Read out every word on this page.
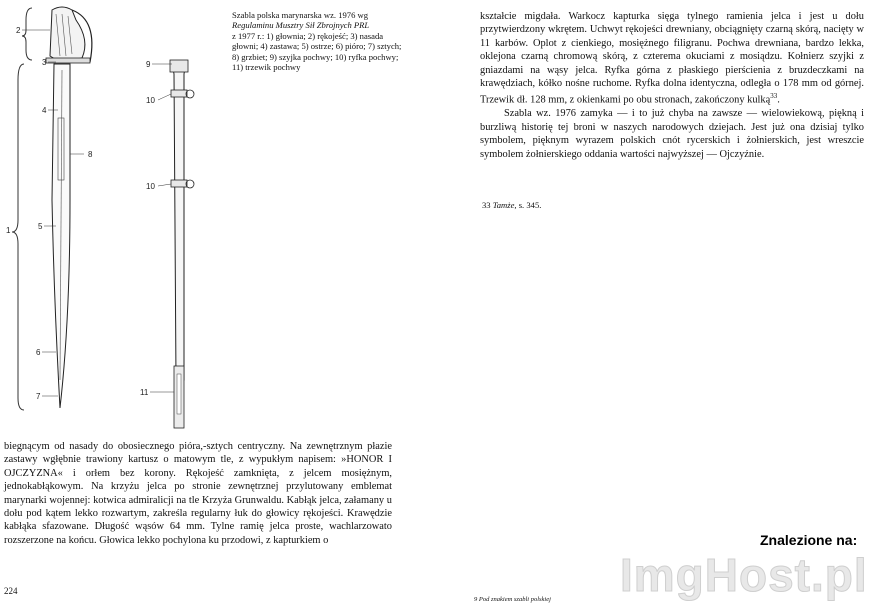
2
3
4
1	5
8
6
7
9
10
10
11
Szabla polska marynarska wz. 1976 wg
Regulaminu Musztry Sił Zbrojnych PRL
z 1977 r.: 1) głownia; 2) rękojeść; 3) nasada głowni; 4) zastawa; 5) ostrze; 6) pióro; 7) sztych; 8) grzbiet; 9) szyjka pochwy; 10) ryfka pochwy; 11) trzewik pochwy
biegnącym od nasady do obosiecznego pióra,-sztych centryczny. Na zewnętrznym płazie zastawy wgłębnie trawiony kartusz o matowym tle, z wypukłym napisem: »HONOR I OJCZYZNA« i orłem bez korony. Rękojeść zamknięta, z jelcem mosiężnym, jednokabłąkowym. Na krzyżu jelca po stronie zewnętrznej przylutowany emblemat marynarki wojennej: kotwica admiralicji na tle Krzyża Grunwaldu. Kabłąk jelca, załamany u dołu pod kątem lekko rozwartym, zakreśla regularny łuk do głowicy rękojeści. Krawędzie kabłąka sfazowane. Długość wąsów 64 mm. Tylne ramię jelca proste, wachlarzowato rozszerzone na końcu. Głowica lekko pochylona ku przodowi, z kapturkiem o
224

kształcie migdała. Warkocz kapturka sięga tylnego ramienia jelca i jest u dołu przytwierdzony wkrętem. Uchwyt rękojeści drewniany, obciągnięty czarną skórą, nacięty w 11 karbów. Oplot z cienkiego, mosiężnego filigranu. Pochwa drewniana, bardzo lekka, oklejona czarną chromową skórą, z czterema okuciami z mosiądzu. Kołnierz szyjki z gniazdami na wąsy jelca. Ryfka górna z płaskiego pierścienia z bruzdeczkami na krawędziach, kółko nośne ruchome. Ryfka dolna identyczna, odległa o 178 mm od górnej. Trzewik dł. 128 mm, z okienkami po obu stronach, zakończony kulką$^{33}$.

Szabla wz. 1976 zamyka — i to już chyba na zawsze — wielowiekową, piękną i burzliwą historię tej broni w naszych narodowych dziejach. Jest już ona dzisiaj tylko symbolem, pięknym wyrazem polskich cnót rycerskich i żołnierskich, jest wreszcie symbolem żołnierskiego oddania wartości najwyższej — Ojczyźnie.

33 Tamże, s. 345.
9 Pod znakiem szabli polskiej ImgHost.pl
Znalezione na:
